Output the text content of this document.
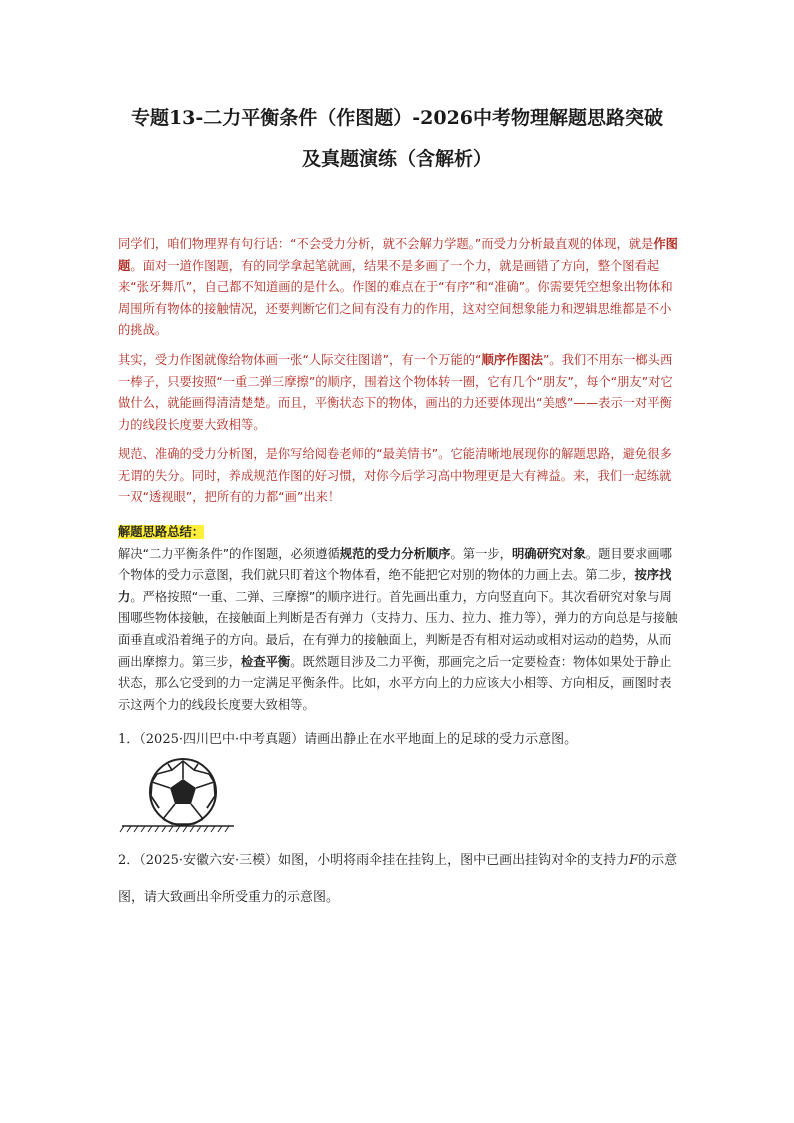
专题13-二力平衡条件（作图题）-2026中考物理解题思路突破
及真题演练（含解析）
同学们，咱们物理界有句行话：“不会受力分析，就不会解力学题。”而受力分析最直观的体现，就是作图题。面对一道作图题，有的同学拿起笔就画，结果不是多画了一个力，就是画错了方向，整个图看起来“张牙舞爪”，自己都不知道画的是什么。作图的难点在于“有序”和“准确”。你需要凭空想象出物体和周围所有物体的接触情况，还要判断它们之间有没有力的作用，这对空间想象能力和逻辑思维都是不小的挑战。
其实，受力作图就像给物体画一张“人际交往图谱”，有一个万能的“顺序作图法”。我们不用东一榔头西一棒子，只要按照“一重二弹三摩擦”的顺序，围着这个物体转一圈，它有几个“朋友”，每个“朋友”对它做什么，就能画得清清楚楚。而且，平衡状态下的物体，画出的力还要体现出“美感”——表示一对平衡力的线段长度要大致相等。
规范、准确的受力分析图，是你写给阅卷老师的“最美情书”。它能清晰地展现你的解题思路，避免很多无谓的失分。同时，养成规范作图的好习惯，对你今后学习高中物理更是大有裨益。来，我们一起练就一双“透视眼”，把所有的力都“画”出来！
解题思路总结：
解决“二力平衡条件”的作图题，必须遵循规范的受力分析顺序。第一步，明确研究对象。题目要求画哪个物体的受力示意图，我们就只盯着这个物体看，绝不能把它对别的物体的力画上去。第二步，按序找力。严格按照“一重、二弹、三摩擦”的顺序进行。首先画出重力，方向竖直向下。其次看研究对象与周围哪些物体接触，在接触面上判断是否有弹力（支持力、压力、拉力、推力等），弹力的方向总是与接触面垂直或沿着绳子的方向。最后，在有弹力的接触面上，判断是否有相对运动或相对运动的趋势，从而画出摩擦力。第三步，检查平衡。既然题目涉及二力平衡，那画完之后一定要检查：物体如果处于静止状态，那么它受到的力一定满足平衡条件。比如，水平方向上的力应该大小相等、方向相反，画图时表示这两个力的线段长度要大致相等。
1．（2025·四川巴中·中考真题）请画出静止在水平地面上的足球的受力示意图。
2．（2025·安徽六安·三模）如图，小明将雨伞挂在挂钩上，图中已画出挂钩对伞的支持力F的示意图，请大致画出伞所受重力的示意图。
